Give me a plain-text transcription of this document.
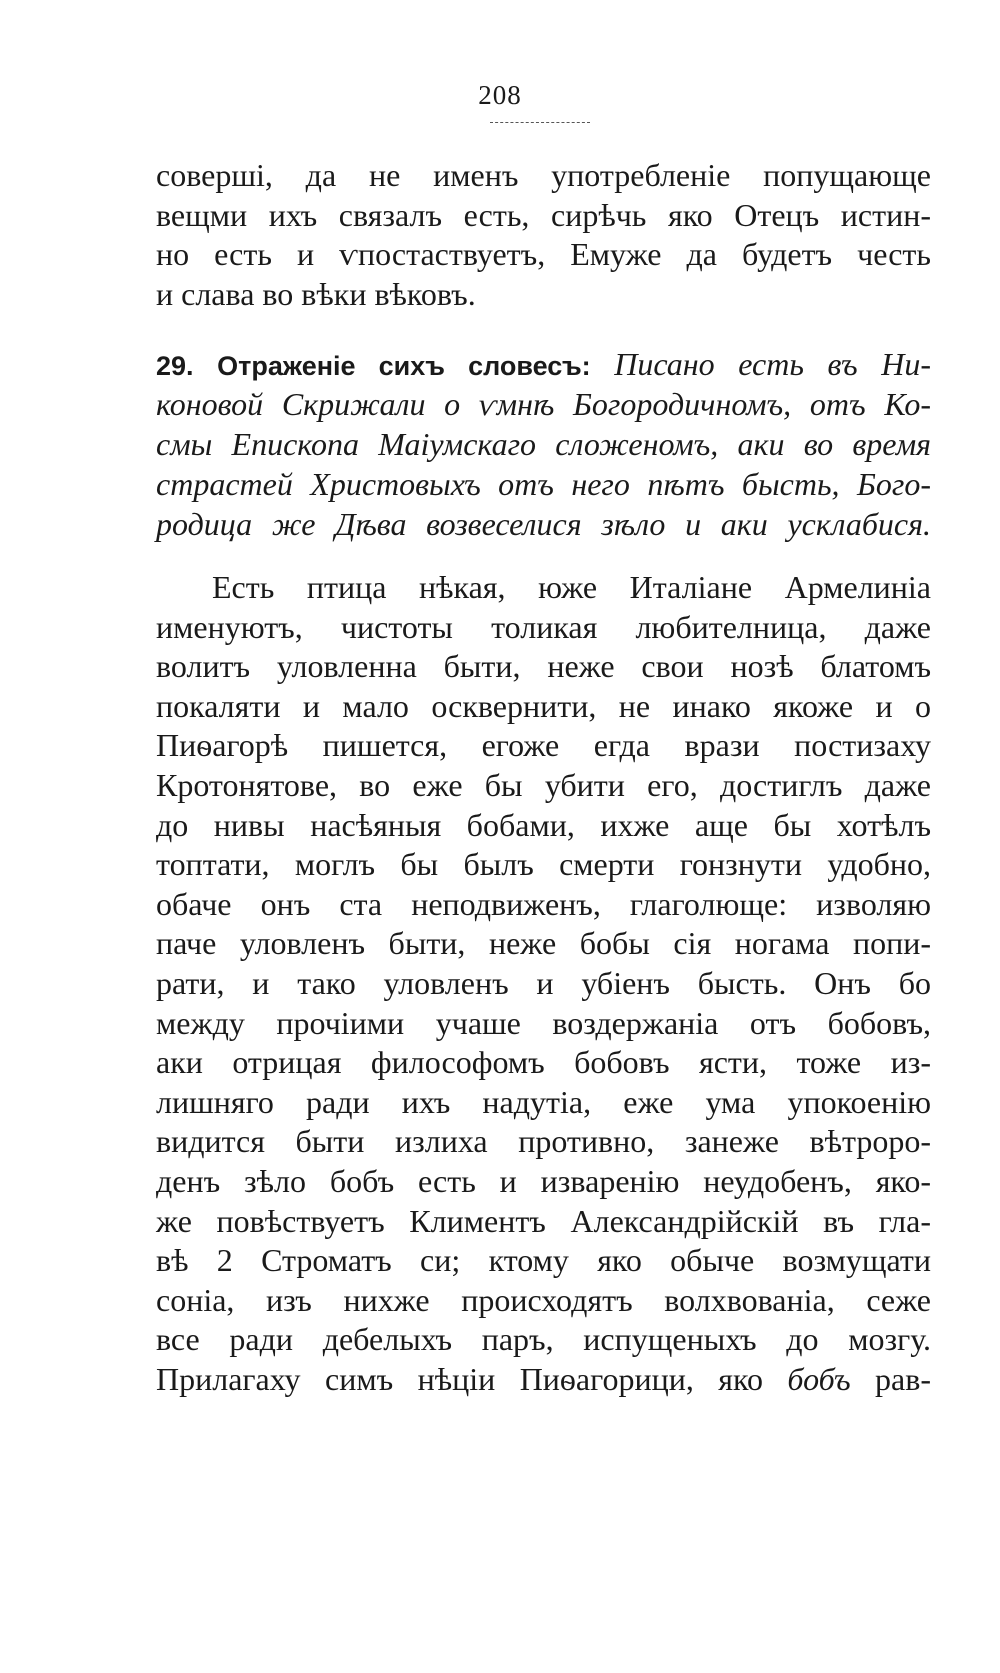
208
совершi, да не именъ употребленie попущающе
вещми ихъ связалъ есть, сирѣчь яко Отецъ истин-
но есть и ѵпостаствуетъ, Емуже да будетъ честь
и слава во вѣки вѣковъ.
29. Отраженiе сихъ словесъ: Писано есть въ Ни-
коновой Скрижали о ѵмнѣ Богородичномъ, отъ Ко-
смы Епископа Маiумскаго сложеномъ, аки во время
страстей Христовыхъ отъ него пѣтъ бысть, Бого-
родица же Дѣва возвеселися зѣло и аки усклабися.
Есть птица нѣкая, юже Италiане Армелинiа
именуютъ, чистоты толикая любителница, даже
волитъ уловленна быти, неже свои нозѣ блатомъ
покаляти и мало осквернити, не инако якоже и о
Пиѳагорѣ пишется, егоже егда врази постизаху
Кротонятове, во еже бы убити его, достиглъ даже
до нивы насѣяныя бобами, ихже аще бы хотѣлъ
топтати, моглъ бы былъ смерти гонзнути удобно,
обаче онъ ста неподвиженъ, глаголюще: изволяю
паче уловленъ быти, неже бобы сiя ногама попи-
рати, и тако уловленъ и убiенъ бысть. Онъ бо
между прочiими учаше воздержанiа отъ бобовъ,
аки отрицая философомъ бобовъ ясти, тоже из-
лишняго ради ихъ надутiа, еже ума упокоенiю
видится быти излиха противно, занеже вѣтроро-
денъ зѣло бобъ есть и изваренiю неудобенъ, яко-
же повѣствуетъ Климентъ Александрiйскiй въ гла-
вѣ 2 Строматъ си; ктому яко обыче возмущати
сонiа, изъ нихже происходятъ волхвованiа, сеже
все ради дебелыхъ паръ, испущеныхъ до мозгу.
Прилагаху симъ нѣцiи Пиѳагорици, яко бобъ рав-
